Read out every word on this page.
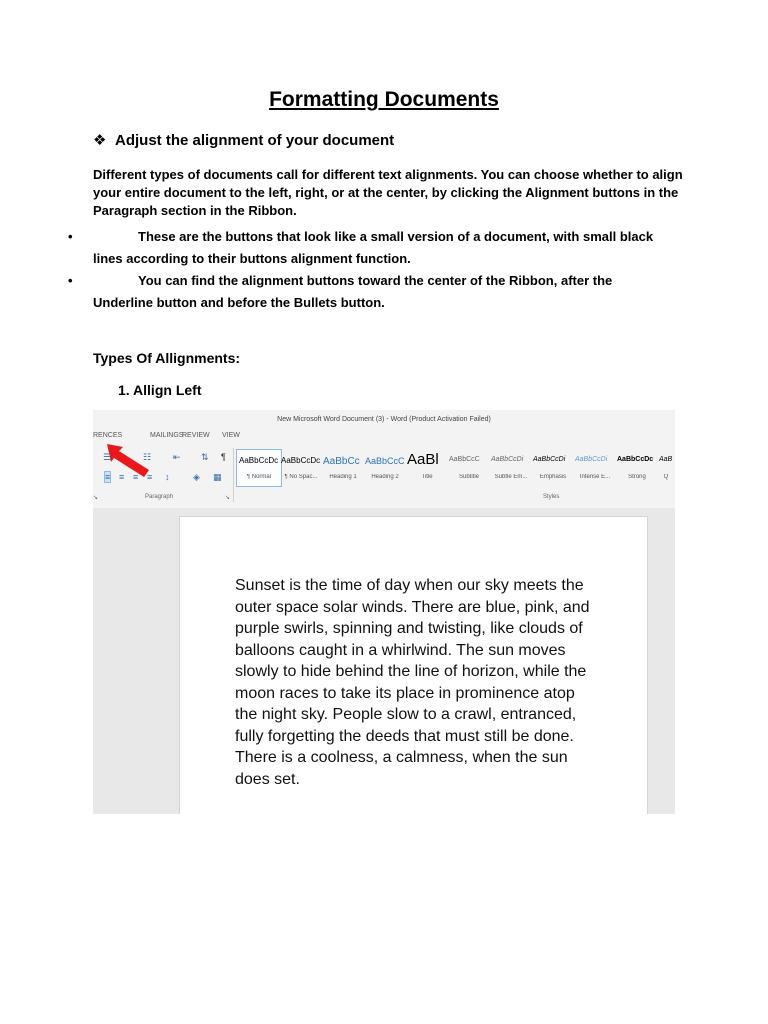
Formatting Documents
❖ Adjust the alignment of your document
Different types of documents call for different text alignments. You can choose whether to align your entire document to the left, right, or at the center, by clicking the Alignment buttons in the Paragraph section in the Ribbon.
•	These are the buttons that look like a small version of a document, with small black
lines according to their buttons alignment function.
•	You can find the alignment buttons toward the center of the Ribbon, after the
Underline button and before the Bullets button.
Types Of Allignments:
1. Allign Left
New Microsoft Word Document (3) - Word (Product Activation Failed)
RENCES	MAILINGS
REVIEW VIEW
☰	☷ ⇤ ⇅ ¶
≡ ≡ ≡ ≡ ↕	◈ ▦
AaBbCcDc
¶ Normal
AaBbCcDc
¶ No Spac...
AaBbCc
Heading 1
AaBbCcC
Heading 2
AaBl
Title
AaBbCcC
Subtitle
AaBbCcDi
Subtle Em...
AaBbCcDi
Emphasis
AaBbCcDi
Intense E...
AaBbCcDc
Strong
AaB
Q
Paragraph	Styles
↘	↘
Sunset is the time of day when our sky meets the outer space solar winds. There are blue, pink, and purple swirls, spinning and twisting, like clouds of balloons caught in a whirlwind. The sun moves slowly to hide behind the line of horizon, while the moon races to take its place in prominence atop the night sky. People slow to a crawl, entranced, fully forgetting the deeds that must still be done. There is a coolness, a calmness, when the sun does set.
